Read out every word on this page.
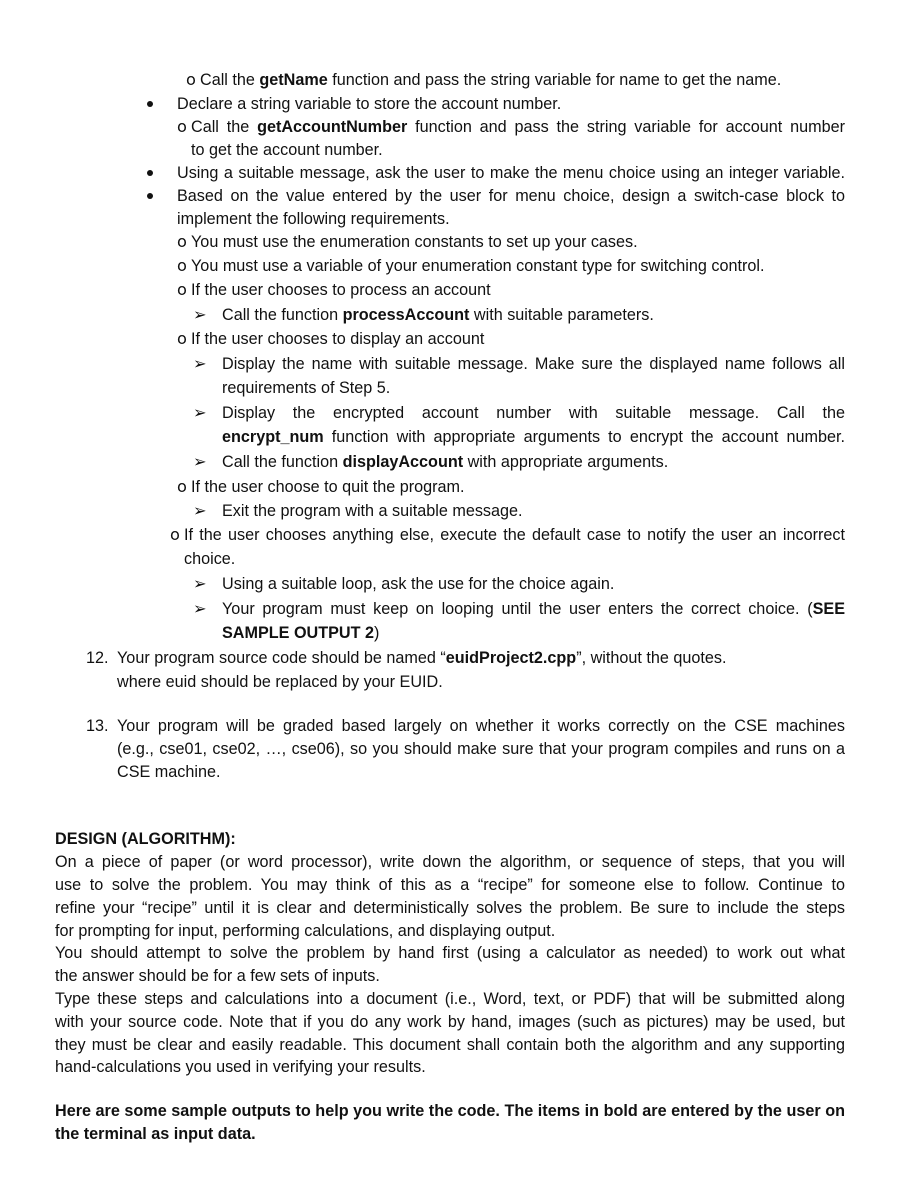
o Call the getName function and pass the string variable for name to get the name.
Declare a string variable to store the account number.
o Call the getAccountNumber function and pass the string variable for account number
to get the account number.
Using a suitable message, ask the user to make the menu choice using an integer variable.
Based on the value entered by the user for menu choice, design a switch-case block to
implement the following requirements.
o You must use the enumeration constants to set up your cases.
o You must use a variable of your enumeration constant type for switching control.
o If the user chooses to process an account
➢ Call the function processAccount with suitable parameters.
o If the user chooses to display an account
➢ Display the name with suitable message. Make sure the displayed name follows all
requirements of Step 5.
➢ Display the encrypted account number with suitable message. Call the
encrypt_num function with appropriate arguments to encrypt the account number.
➢ Call the function displayAccount with appropriate arguments.
o If the user choose to quit the program.
➢ Exit the program with a suitable message.
o If the user chooses anything else, execute the default case to notify the user an incorrect
choice.
➢ Using a suitable loop, ask the use for the choice again.
➢ Your program must keep on looping until the user enters the correct choice. (SEE
SAMPLE OUTPUT 2)
12. Your program source code should be named “euidProject2.cpp”, without the quotes.
where euid should be replaced by your EUID.
13. Your program will be graded based largely on whether it works correctly on the CSE machines
(e.g., cse01, cse02, …, cse06), so you should make sure that your program compiles and runs on a
CSE machine.
DESIGN (ALGORITHM):
On a piece of paper (or word processor), write down the algorithm, or sequence of steps, that you will
use to solve the problem. You may think of this as a “recipe” for someone else to follow. Continue to
refine your “recipe” until it is clear and deterministically solves the problem. Be sure to include the steps
for prompting for input, performing calculations, and displaying output.
You should attempt to solve the problem by hand first (using a calculator as needed) to work out what
the answer should be for a few sets of inputs.
Type these steps and calculations into a document (i.e., Word, text, or PDF) that will be submitted along
with your source code. Note that if you do any work by hand, images (such as pictures) may be used, but
they must be clear and easily readable. This document shall contain both the algorithm and any supporting
hand-calculations you used in verifying your results.
Here are some sample outputs to help you write the code. The items in bold are entered by the user on
the terminal as input data.
